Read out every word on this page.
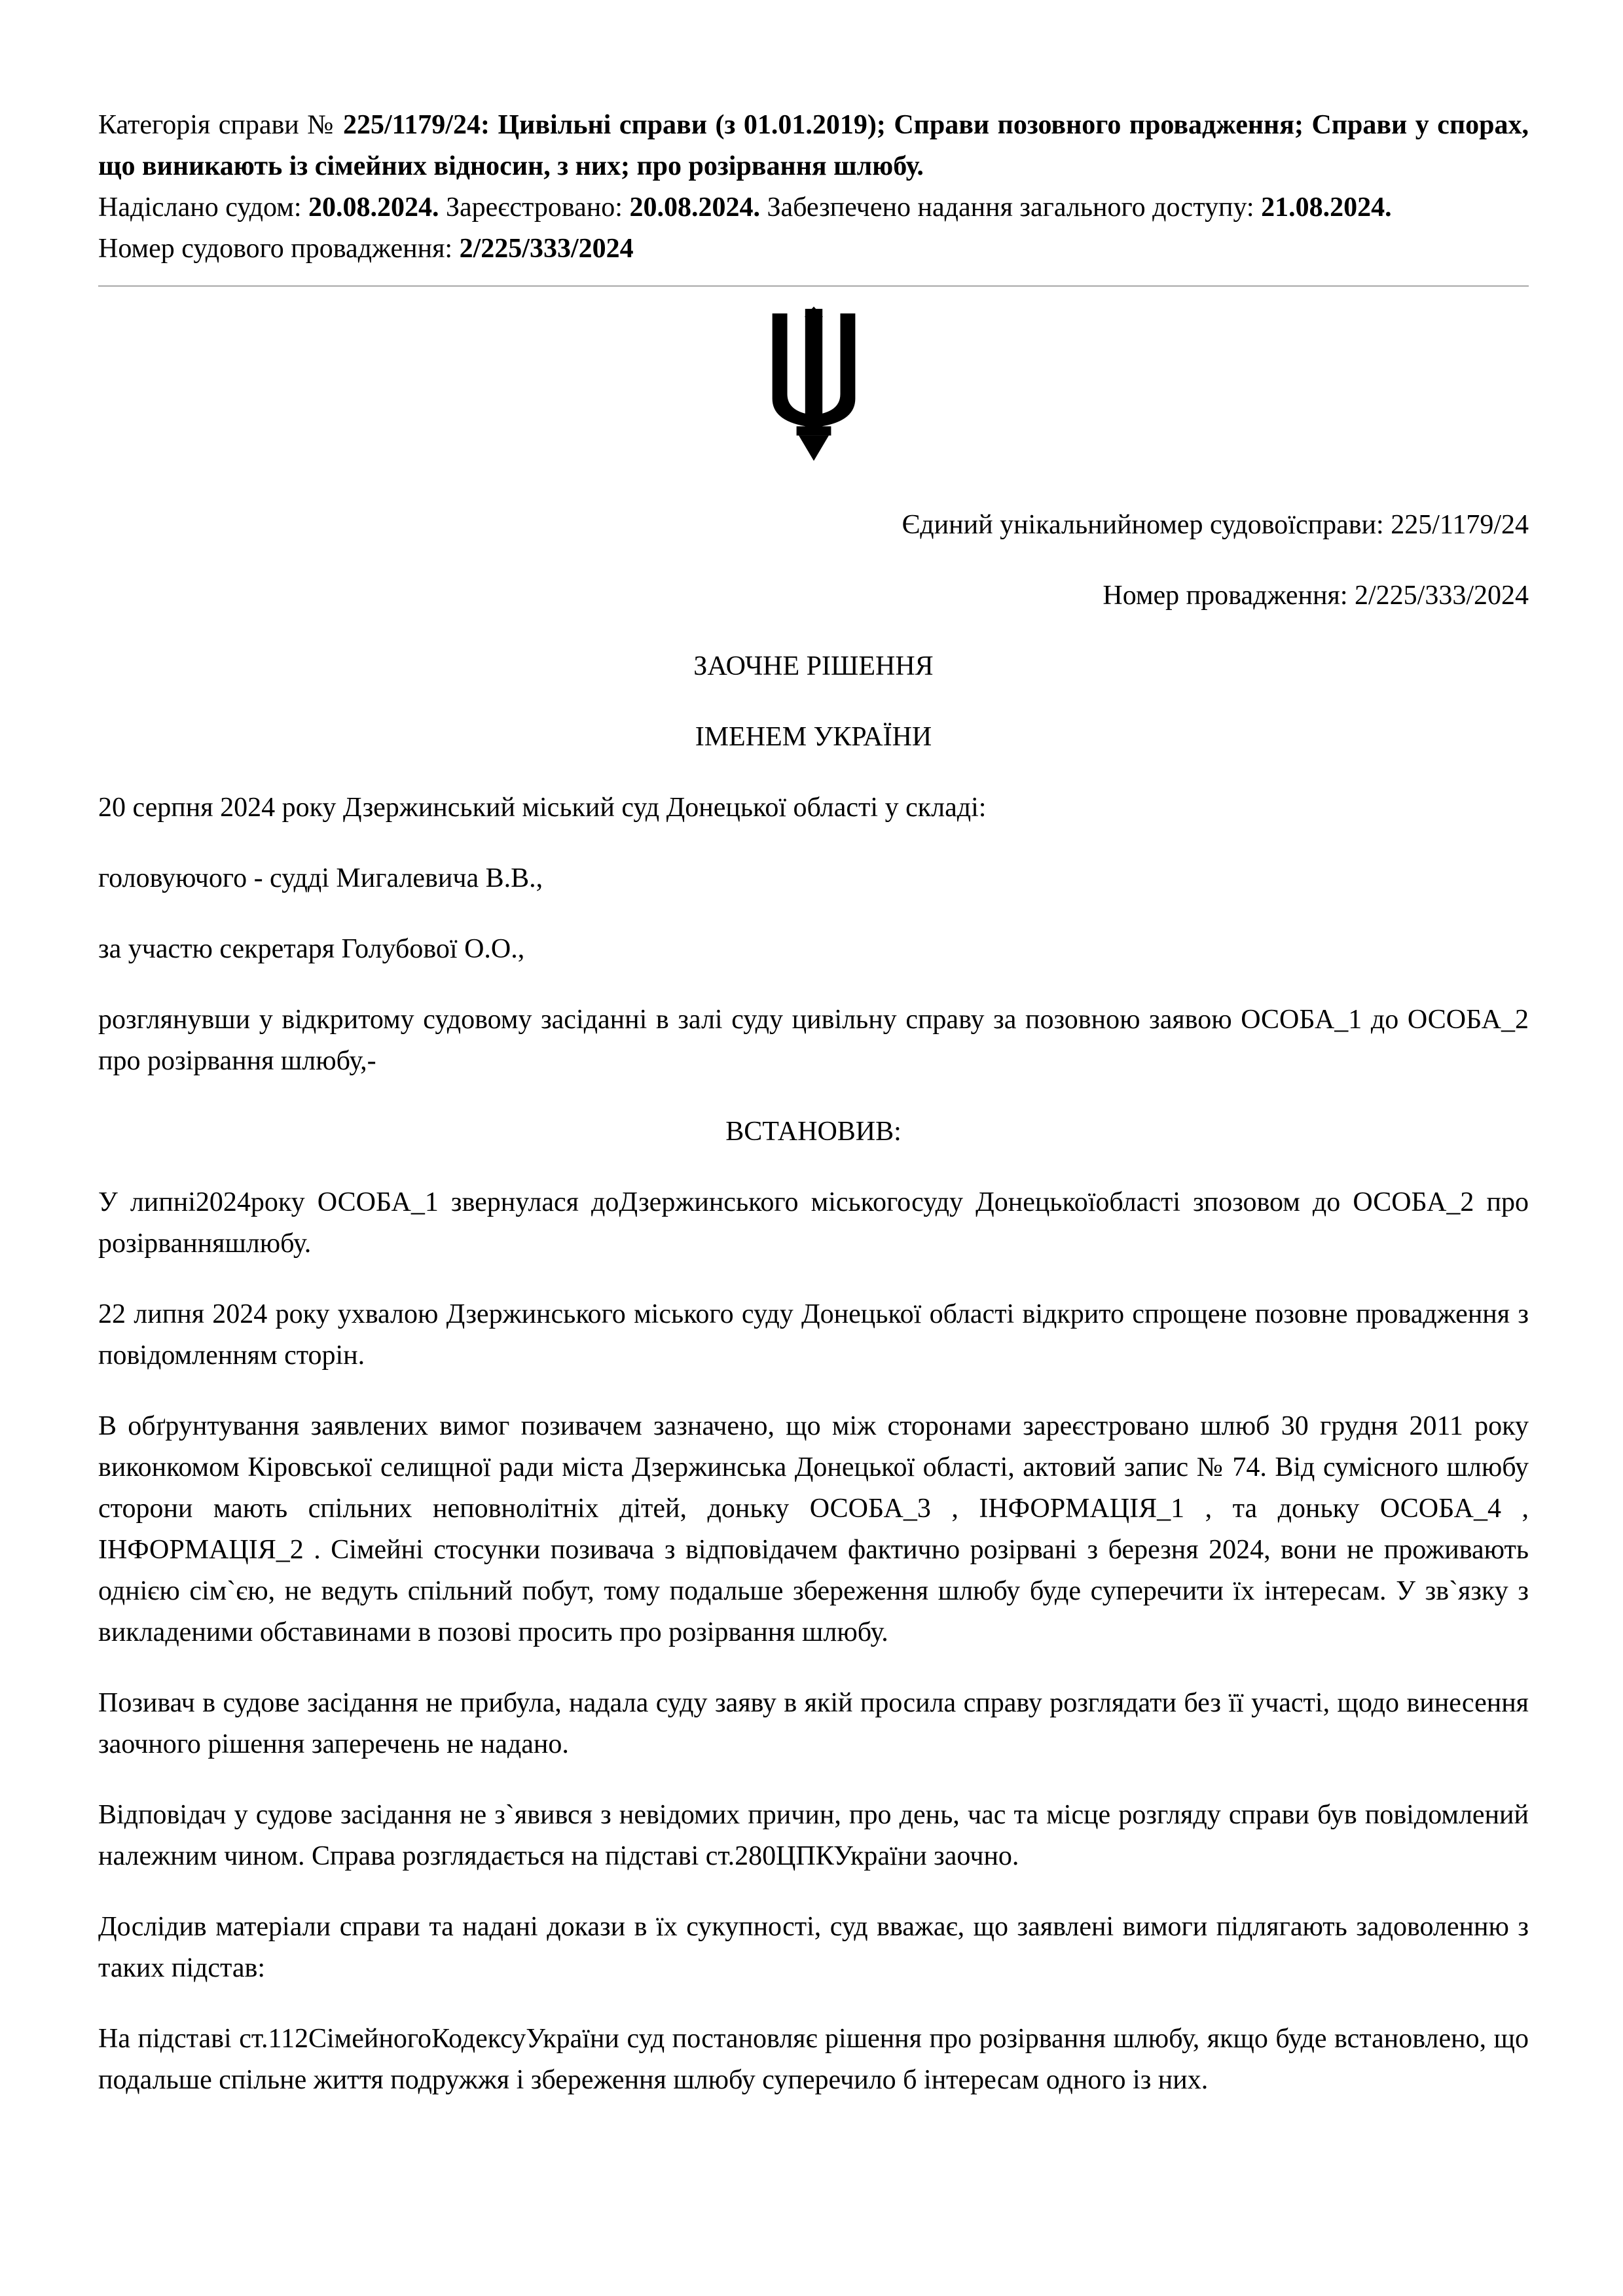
Категорія справи № 225/1179/24: Цивільні справи (з 01.01.2019); Справи позовного провадження; Справи у спорах, що виникають із сімейних відносин, з них; про розірвання шлюбу.

Надіслано судом: 20.08.2024. Зареєстровано: 20.08.2024. Забезпечено надання загального доступу: 21.08.2024.

Номер судового провадження: 2/225/333/2024

Єдиний унікальнийномер судовоїсправи: 225/1179/24

Номер провадження: 2/225/333/2024

ЗАОЧНЕ РІШЕННЯ

ІМЕНЕМ УКРАЇНИ

20 серпня 2024 року Дзержинський міський суд Донецької області у складі:

головуючого - судді Мигалевича В.В.,

за участю секретаря Голубової О.О.,

розглянувши у відкритому судовому засіданні в залі суду цивільну справу за позовною заявою ОСОБА_1 до ОСОБА_2 про розірвання шлюбу,-

ВСТАНОВИВ:

У липні2024року ОСОБА_1 звернулася доДзержинського міськогосуду Донецькоїобласті зпозовом до ОСОБА_2 про розірванняшлюбу.

22 липня 2024 року ухвалою Дзержинського міського суду Донецької області відкрито спрощене позовне провадження з повідомленням сторін.

В обґрунтування заявлених вимог позивачем зазначено, що між сторонами зареєстровано шлюб 30 грудня 2011 року виконкомом Кіровської селищної ради міста Дзержинська Донецької області, актовий запис № 74. Від сумісного шлюбу сторони мають спільних неповнолітніх дітей, доньку ОСОБА_3 , ІНФОРМАЦІЯ_1 , та доньку ОСОБА_4 , ІНФОРМАЦІЯ_2 . Сімейні стосунки позивача з відповідачем фактично розірвані з березня 2024, вони не проживають однією сім`єю, не ведуть спільний побут, тому подальше збереження шлюбу буде суперечити їх інтересам. У зв`язку з викладеними обставинами в позові просить про розірвання шлюбу.

Позивач в судове засідання не прибула, надала суду заяву в якій просила справу розглядати без її участі, щодо винесення заочного рішення заперечень не надано.

Відповідач у судове засідання не з`явився з невідомих причин, про день, час та місце розгляду справи був повідомлений належним чином. Справа розглядається на підставі ст.280ЦПКУкраїни заочно.

Дослідив матеріали справи та надані докази в їх сукупності, суд вважає, що заявлені вимоги підлягають задоволенню з таких підстав:

На підставі ст.112СімейногоКодексуУкраїни суд постановляє рішення про розірвання шлюбу, якщо буде встановлено, що подальше спільне життя подружжя і збереження шлюбу суперечило б інтересам одного із них.
